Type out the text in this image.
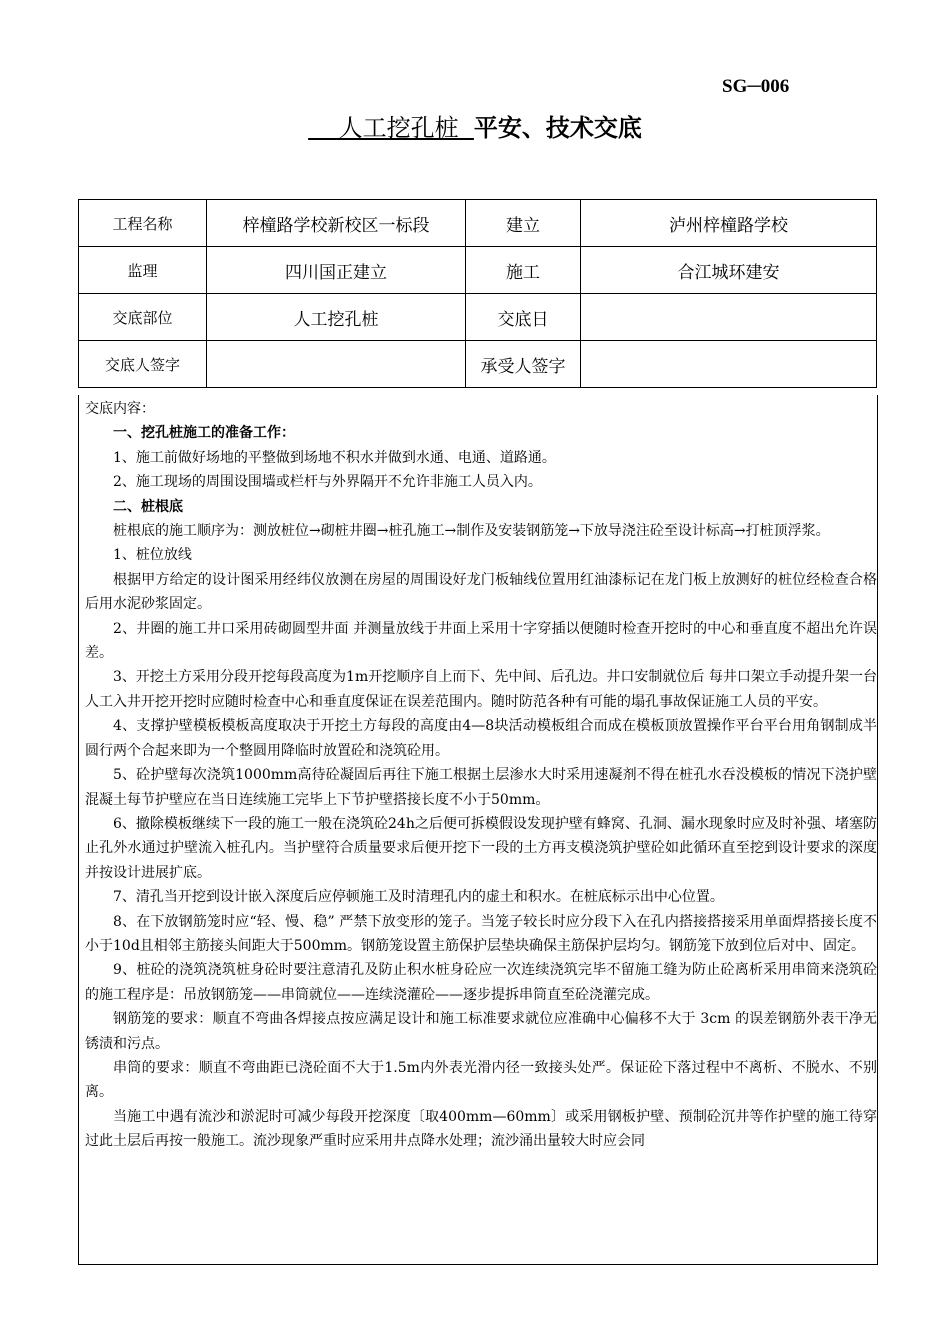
SG─006
人工挖孔桩  平安、技术交底
工程名称	梓橦路学校新校区一标段	建立	泸州梓橦路学校
监理	四川国正建立	施工	合江城环建安
交底部位	人工挖孔桩	交底日	
交底人签字		承受人签字	

交底内容：

一、挖孔桩施工的准备工作：

1、施工前做好场地的平整做到场地不积水并做到水通、电通、道路通。

2、施工现场的周围设围墙或栏杆与外界隔开不允许非施工人员入内。

二、桩根底

桩根底的施工顺序为：测放桩位→砌桩井圈→桩孔施工→制作及安装钢筋笼→下放导浇注砼至设计标高→打桩顶浮浆。

1、桩位放线

根据甲方给定的设计图采用经纬仪放测在房屋的周围设好龙门板轴线位置用红油漆标记在龙门板上放测好的桩位经检查合格后用水泥砂浆固定。

2、井圈的施工井口采用砖砌圆型井面 并测量放线于井面上采用十字穿插以便随时检查开挖时的中心和垂直度不超出允许误差。

3、开挖土方采用分段开挖每段高度为1m开挖顺序自上而下、先中间、后孔边。井口安制就位后 每井口架立手动提升架一台人工入井开挖开挖时应随时检查中心和垂直度保证在误差范围内。随时防范各种有可能的塌孔事故保证施工人员的平安。

4、支撑护壁模板模板高度取决于开挖土方每段的高度由4—8块活动模板组合而成在模板顶放置操作平台平台用角钢制成半圆行两个合起来即为一个整圆用降临时放置砼和浇筑砼用。

5、砼护壁每次浇筑1000mm高待砼凝固后再往下施工根据土层渗水大时采用速凝剂不得在桩孔水吞没模板的情况下浇护壁混凝土每节护壁应在当日连续施工完毕上下节护壁搭接长度不小于50mm。

6、撤除模板继续下一段的施工一般在浇筑砼24h之后便可拆模假设发现护壁有蜂窝、孔洞、漏水现象时应及时补强、堵塞防止孔外水通过护壁流入桩孔内。当护壁符合质量要求后便开挖下一段的土方再支模浇筑护壁砼如此循环直至挖到设计要求的深度并按设计进展扩底。

7、清孔当开挖到设计嵌入深度后应停顿施工及时清理孔内的虚土和积水。在桩底标示出中心位置。

8、在下放钢筋笼时应“轻、慢、稳” 严禁下放变形的笼子。当笼子较长时应分段下入在孔内搭接搭接采用单面焊搭接长度不小于10d且相邻主筋接头间距大于500mm。钢筋笼设置主筋保护层垫块确保主筋保护层均匀。钢筋笼下放到位后对中、固定。

9、桩砼的浇筑浇筑桩身砼时要注意清孔及防止积水桩身砼应一次连续浇筑完毕不留施工缝为防止砼离析采用串筒来浇筑砼的施工程序是：吊放钢筋笼——串筒就位——连续浇灌砼——逐步提拆串筒直至砼浇灌完成。

钢筋笼的要求：顺直不弯曲各焊接点按应满足设计和施工标准要求就位应准确中心偏移不大于 3cm 的误差钢筋外表干净无锈渍和污点。

串筒的要求：顺直不弯曲距已浇砼面不大于1.5m内外表光滑内径一致接头处严。保证砼下落过程中不离析、不脱水、不别离。

当施工中遇有流沙和淤泥时可减少每段开挖深度〔取400mm—60mm〕或采用钢板护壁、预制砼沉井等作护壁的施工待穿过此土层后再按一般施工。流沙现象严重时应采用井点降水处理；流沙涌出量较大时应会同
